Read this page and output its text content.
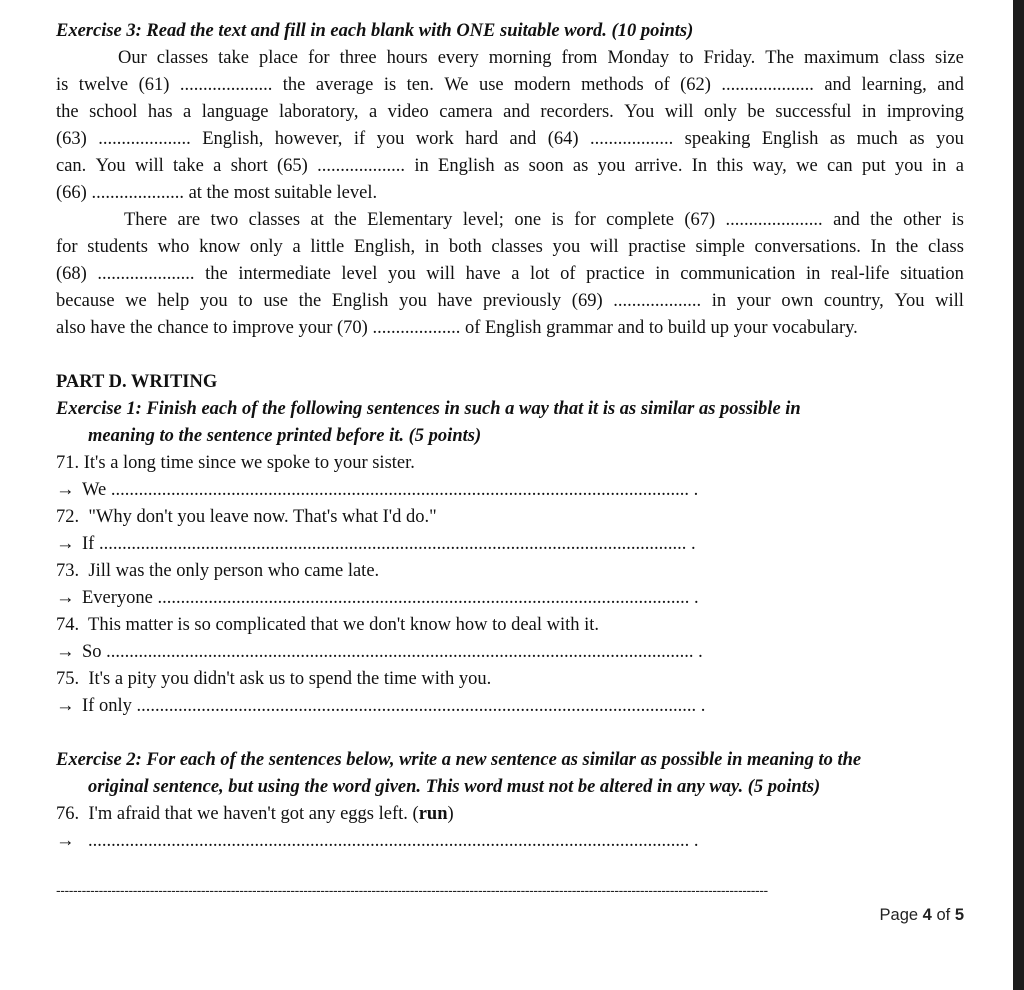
Exercise 3: Read the text and fill in each blank with ONE suitable word. (10 points)
Our classes take place for three hours every morning from Monday to Friday. The maximum class size
is twelve (61) .................... the average is ten. We use modern methods of (62) .................... and learning, and
the school has a language laboratory, a video camera and recorders. You will only be successful in improving
(63) .................... English, however, if you work hard and (64) .................. speaking English as much as you
can. You will take a short (65) ................... in English as soon as you arrive. In this way, we can put you in a
(66) .................... at the most suitable level.
There are two classes at the Elementary level; one is for complete (67) ..................... and the other is
for students who know only a little English, in both classes you will practise simple conversations. In the class
(68) ..................... the intermediate level you will have a lot of practice in communication in real-life situation
because we help you to use the English you have previously (69) ................... in your own country, You will
also have the chance to improve your (70) ................... of English grammar and to build up your vocabulary.
PART D. WRITING
Exercise 1: Finish each of the following sentences in such a way that it is as similar as possible in
meaning to the sentence printed before it. (5 points)
71. It's a long time since we spoke to your sister.
→ We ............................................................................................................................. .
72.  "Why don't you leave now. That's what I'd do."
→ If ............................................................................................................................... .
73.  Jill was the only person who came late.
→ Everyone ................................................................................................................... .
74.  This matter is so complicated that we don't know how to deal with it.
→ So ............................................................................................................................... .
75.  It's a pity you didn't ask us to spend the time with you.
→ If only ......................................................................................................................... .
Exercise 2: For each of the sentences below, write a new sentence as similar as possible in meaning to the
original sentence, but using the word given. This word must not be altered in any way. (5 points)
76.  I'm afraid that we haven't got any eggs left. (run)
→ .................................................................................................................................. .
-----------------------------------------------------------------------------------------------------------------------------------------------------------------------
Page 4 of 5
